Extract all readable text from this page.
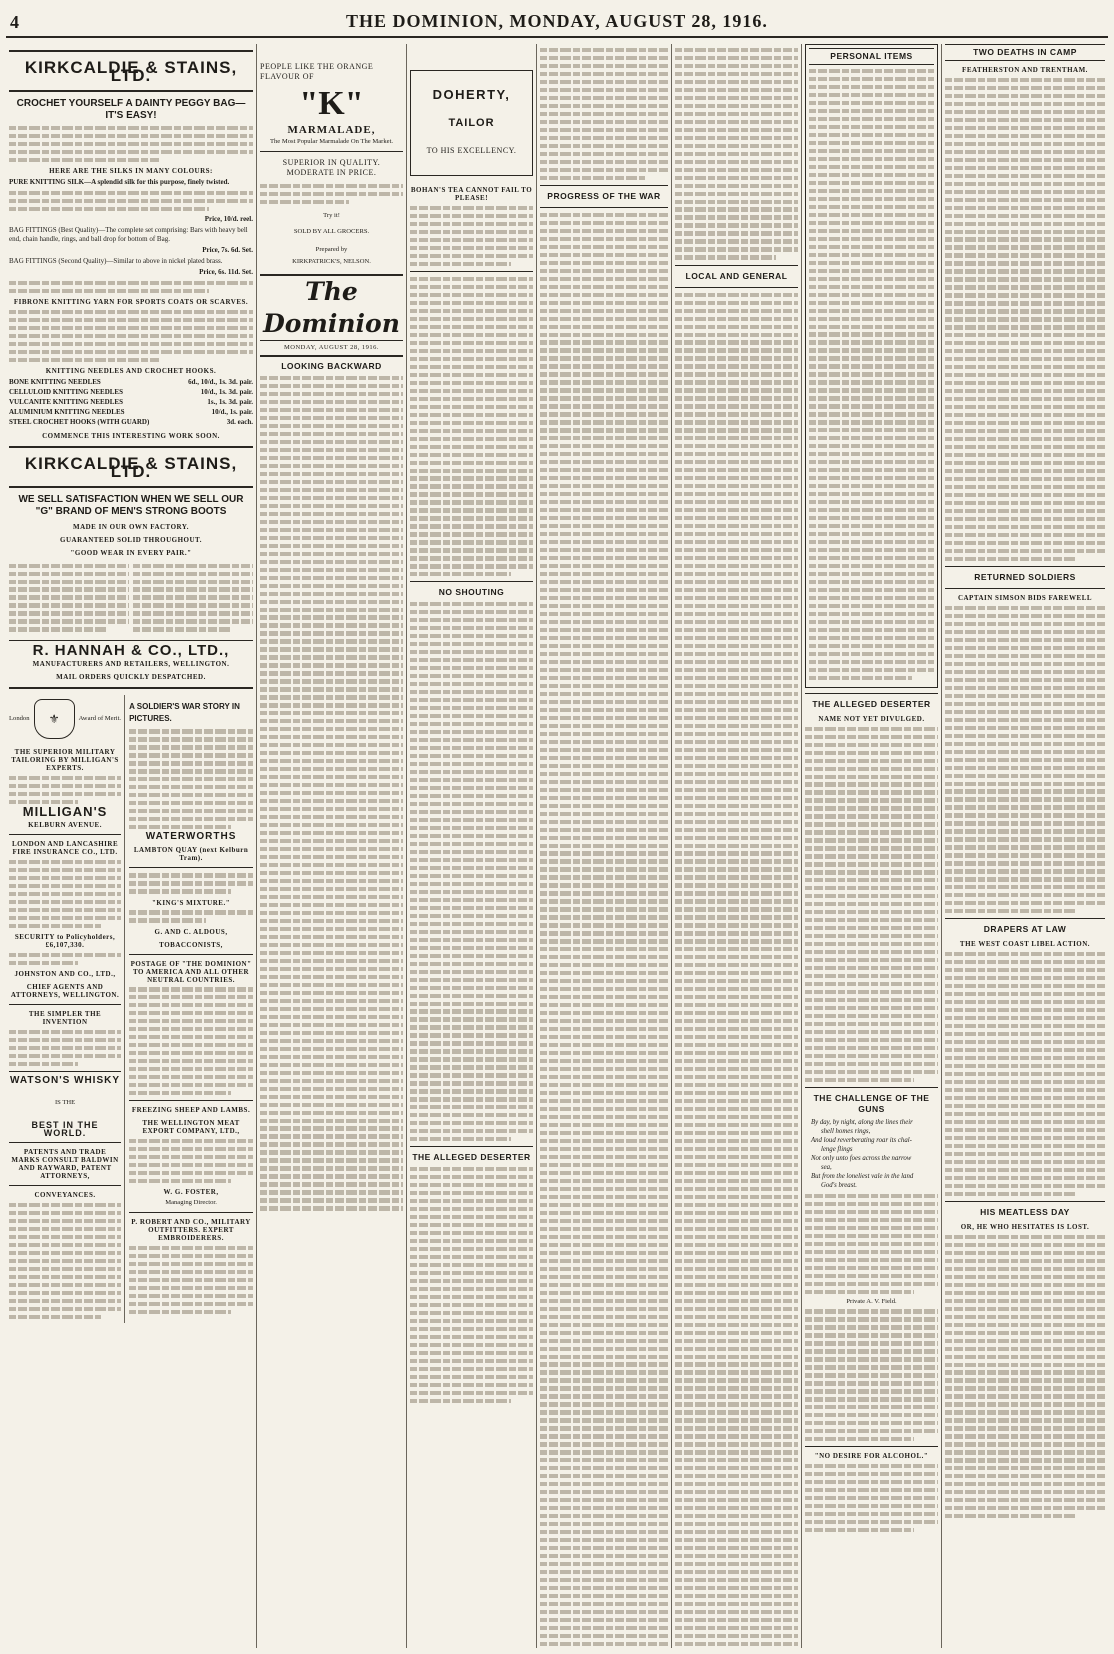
4	THE DOMINION, MONDAY, AUGUST 28, 1916.
KIRKCALDIE & STAINS, LTD.
CROCHET YOURSELF A DAINTY PEGGY BAG—IT'S EASY!
HERE ARE THE SILKS IN MANY COLOURS:
PURE KNITTING SILK—A splendid silk for this purpose, finely twisted.
Price, 10/d. reel.
BAG FITTINGS (Best Quality)—The complete set comprising: Bars with heavy bell end, chain handle, rings, and ball drop for bottom of Bag.
Price, 7s. 6d. Set.
BAG FITTINGS (Second Quality)—Similar to above in nickel plated brass.
Price, 6s. 11d. Set.
FIBRONE KNITTING YARN FOR SPORTS COATS OR SCARVES.
KNITTING NEEDLES AND CROCHET HOOKS.
BONE KNITTING NEEDLES	6d., 10/d., 1s. 3d. pair.
CELLULOID KNITTING NEEDLES	10/d., 1s. 3d. pair.
VULCANITE KNITTING NEEDLES	1s., 1s. 3d. pair.
ALUMINIUM KNITTING NEEDLES	10/d., 1s. pair.
STEEL CROCHET HOOKS (WITH GUARD)	3d. each.
COMMENCE THIS INTERESTING WORK SOON.
KIRKCALDIE & STAINS, LTD.
WE SELL SATISFACTION WHEN WE SELL OUR "G" BRAND OF MEN'S STRONG BOOTS
MADE IN OUR OWN FACTORY.
GUARANTEED SOLID THROUGHOUT.
"GOOD WEAR IN EVERY PAIR."
R. HANNAH & CO., LTD.,
MANUFACTURERS AND RETAILERS, WELLINGTON.
MAIL ORDERS QUICKLY DESPATCHED.
London	⚜	Award of Merit.
THE SUPERIOR MILITARY TAILORING BY MILLIGAN'S EXPERTS.
MILLIGAN'S
KELBURN AVENUE.
LONDON AND LANCASHIRE FIRE INSURANCE CO., LTD.
SECURITY to Policyholders, £6,107,330.
JOHNSTON AND CO., LTD.,
CHIEF AGENTS AND ATTORNEYS, WELLINGTON.
THE SIMPLER THE INVENTION
WATSON'S WHISKY
IS THE
BEST IN THE WORLD.
PATENTS AND TRADE MARKS CONSULT BALDWIN AND RAYWARD, PATENT ATTORNEYS,
CONVEYANCES.
A SOLDIER'S WAR STORY IN PICTURES.
WATERWORTHS
LAMBTON QUAY (next Kelburn Tram).
"KING'S MIXTURE."
G. AND C. ALDOUS,
TOBACCONISTS,
POSTAGE OF "THE DOMINION" TO AMERICA AND ALL OTHER NEUTRAL COUNTRIES.
FREEZING SHEEP AND LAMBS.
THE WELLINGTON MEAT EXPORT COMPANY, LTD.,
W. G. FOSTER,
Managing Director.
P. ROBERT AND CO., MILITARY OUTFITTERS. EXPERT EMBROIDERERS.
PEOPLE LIKE THE ORANGE FLAVOUR OF
"K"
MARMALADE,
The Most Popular Marmalade On The Market.
SUPERIOR IN QUALITY. MODERATE IN PRICE.
Try it!
SOLD BY ALL GROCERS.
Prepared by
KIRKPATRICK'S, NELSON.
The Dominion
MONDAY, AUGUST 28, 1916.
LOOKING BACKWARD
DOHERTY,
TAILOR
TO HIS EXCELLENCY.
BOHAN'S TEA CANNOT FAIL TO PLEASE!
NO SHOUTING
THE ALLEGED DESERTER
PROGRESS OF THE WAR
LOCAL AND GENERAL
PERSONAL ITEMS
THE ALLEGED DESERTER
NAME NOT YET DIVULGED.
THE CHALLENGE OF THE GUNS
By day, by night, along the lines their
shell homes rings,
And loud reverberating roar its chal-
lenge flings
Not only unto foes across the narrow
sea,
But from the loneliest vale in the land
God's breast.
Private A. V. Field.
"NO DESIRE FOR ALCOHOL."
TWO DEATHS IN CAMP
FEATHERSTON AND TRENTHAM.
RETURNED SOLDIERS
CAPTAIN SIMSON BIDS FAREWELL
DRAPERS AT LAW
THE WEST COAST LIBEL ACTION.
HIS MEATLESS DAY
OR, HE WHO HESITATES IS LOST.
